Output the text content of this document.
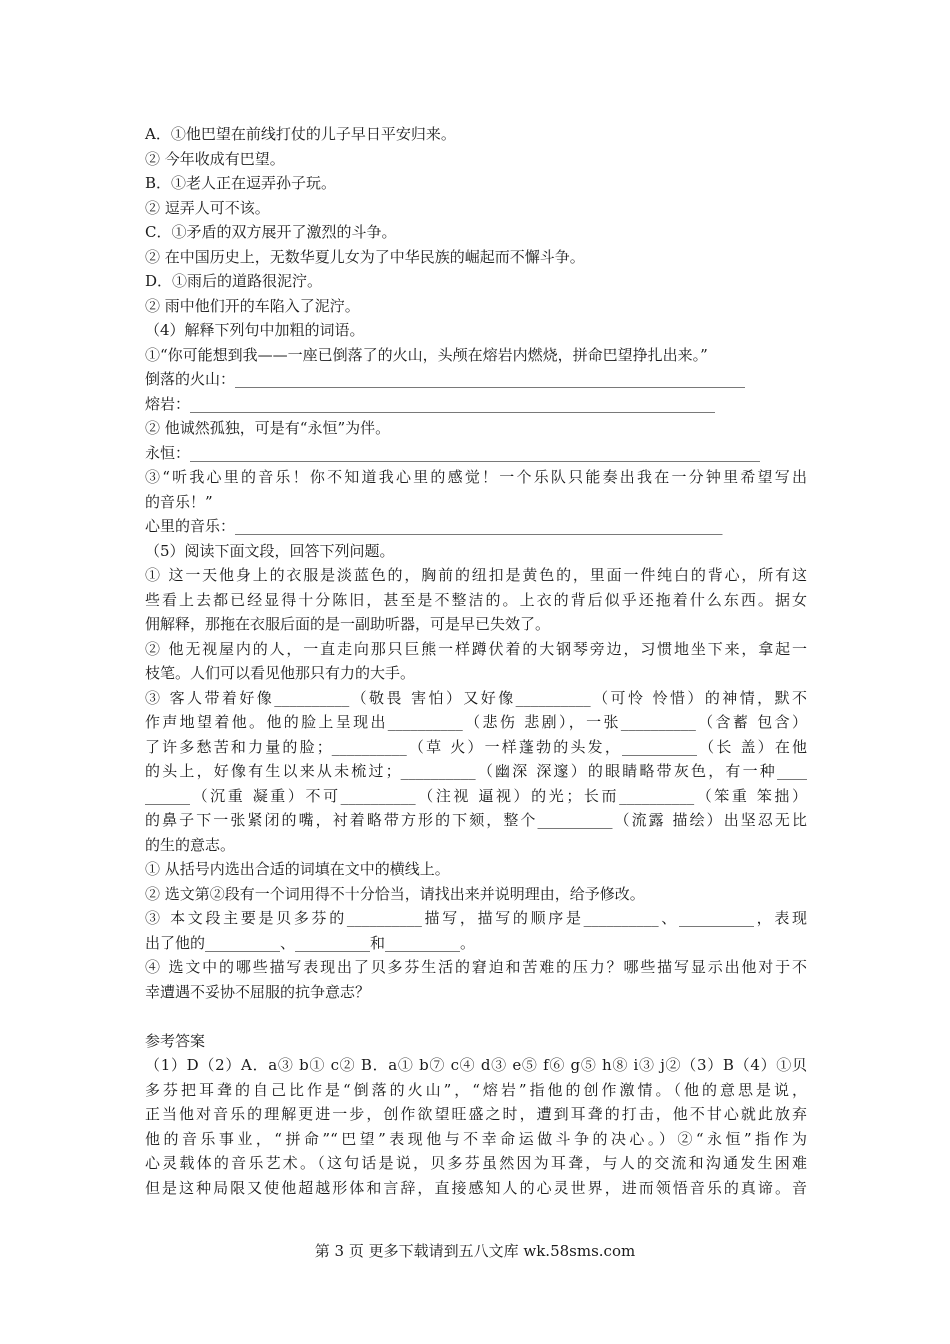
A．①他巴望在前线打仗的儿子早日平安归来。
② 今年收成有巴望。
B．①老人正在逗弄孙子玩。
② 逗弄人可不该。
C．①矛盾的双方展开了激烈的斗争。
② 在中国历史上，无数华夏儿女为了中华民族的崛起而不懈斗争。
D．①雨后的道路很泥泞。
② 雨中他们开的车陷入了泥泞。
（4）解释下列句中加粗的词语。
①“你可能想到我——一座已倒落了的火山，头颅在熔岩内燃烧，拼命巴望挣扎出来。”
倒落的火山：____________________________________________________________________
熔岩：______________________________________________________________________
② 他诚然孤独，可是有“永恒”为伴。
永恒：____________________________________________________________________________
③“听我心里的音乐！你不知道我心里的感觉！一个乐队只能奏出我在一分钟里希望写出
的音乐！”
心里的音乐：_________________________________________________________________
（5）阅读下面文段，回答下列问题。
① 这一天他身上的衣服是淡蓝色的，胸前的纽扣是黄色的，里面一件纯白的背心，所有这
些看上去都已经显得十分陈旧，甚至是不整洁的。上衣的背后似乎还拖着什么东西。据女
佣解释，那拖在衣服后面的是一副助听器，可是早已失效了。
② 他无视屋内的人，一直走向那只巨熊一样蹲伏着的大钢琴旁边，习惯地坐下来，拿起一
枝笔。人们可以看见他那只有力的大手。
③ 客人带着好像__________（敬畏 害怕）又好像__________（可怜 怜惜）的神情，默不
作声地望着他。他的脸上呈现出__________（悲伤 悲剧），一张__________（含蓄 包含）
了许多愁苦和力量的脸；__________（草 火）一样蓬勃的头发，__________（长 盖）在他
的头上，好像有生以来从未梳过；__________（幽深 深邃）的眼睛略带灰色，有一种____
______（沉重 凝重）不可__________（注视 逼视）的光；长而__________（笨重 笨拙）
的鼻子下一张紧闭的嘴，衬着略带方形的下颏，整个__________（流露 描绘）出坚忍无比
的生的意志。
① 从括号内选出合适的词填在文中的横线上。
② 选文第②段有一个词用得不十分恰当，请找出来并说明理由，给予修改。
③ 本文段主要是贝多芬的__________描写，描写的顺序是__________、__________，表现
出了他的__________、__________和__________。
④ 选文中的哪些描写表现出了贝多芬生活的窘迫和苦难的压力？哪些描写显示出他对于不
幸遭遇不妥协不屈服的抗争意志？
参考答案
（1）D（2）A．a③ b① c② B．a① b⑦ c④ d③ e⑤ f⑥ g⑤ h⑧ i③ j②（3）B（4）①贝
多芬把耳聋的自己比作是“倒落的火山”，“熔岩”指他的创作激情。（他的意思是说，
正当他对音乐的理解更进一步，创作欲望旺盛之时，遭到耳聋的打击，他不甘心就此放弃
他的音乐事业，“拼命”“巴望”表现他与不幸命运做斗争的决心。）②“永恒”指作为
心灵载体的音乐艺术。（这句话是说，贝多芬虽然因为耳聋，与人的交流和沟通发生困难
但是这种局限又使他超越形体和言辞，直接感知人的心灵世界，进而领悟音乐的真谛。音
第 3 页 更多下载请到五八文库 wk.58sms.com
